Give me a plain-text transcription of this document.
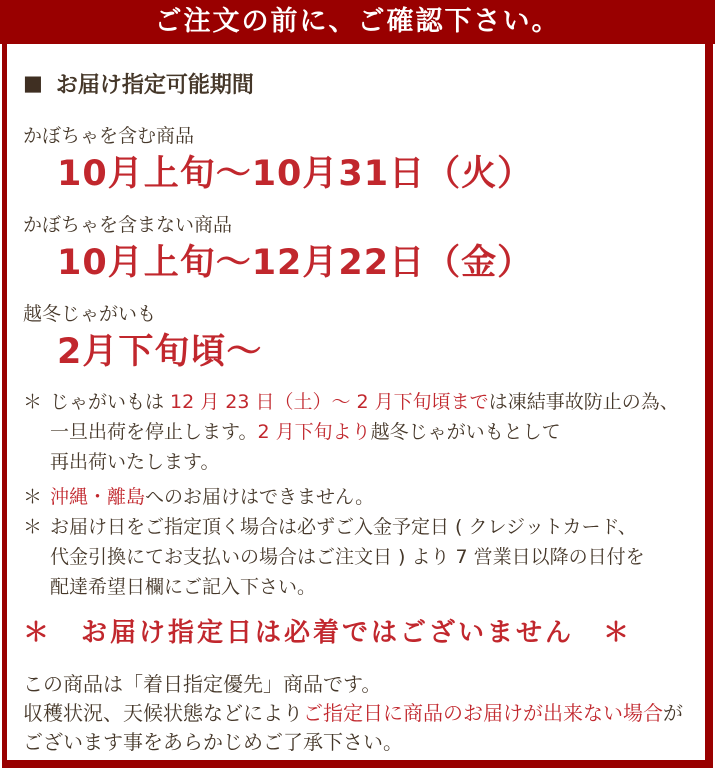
ご注文の前に、ご確認下さい。
■ お届け指定可能期間
かぼちゃを含む商品
10月上旬～10月31日（火）
かぼちゃを含まない商品
10月上旬～12月22日（金）
越冬じゃがいも
2月下旬頃～
＊ じゃがいもは 12 月 23 日（土）～ 2 月下旬頃までは凍結事故防止の為、
一旦出荷を停止します。2 月下旬より越冬じゃがいもとして
再出荷いたします。
＊ 沖縄・離島へのお届けはできません。
＊ お届け日をご指定頂く場合は必ずご入金予定日 ( クレジットカード、
代金引換にてお支払いの場合はご注文日 ) より 7 営業日以降の日付を
配達希望日欄にご記入下さい。
＊　お届け指定日は必着ではございません　＊
この商品は「着日指定優先」商品です。
収穫状況、天候状態などによりご指定日に商品のお届けが出来ない場合が
ございます事をあらかじめご了承下さい。
